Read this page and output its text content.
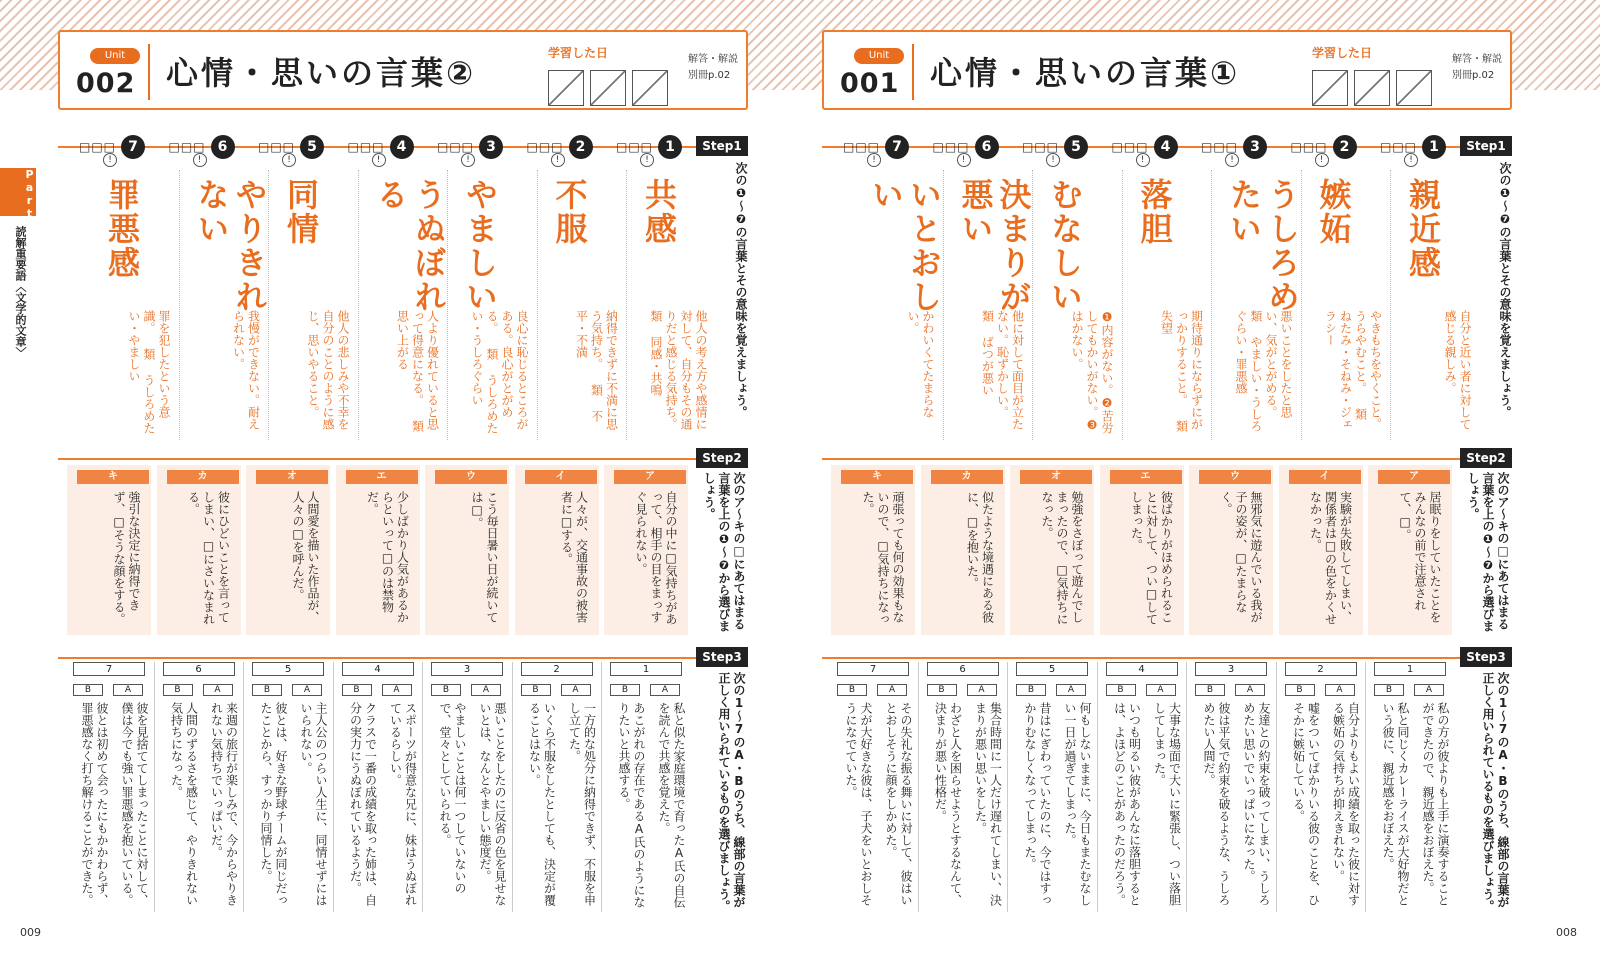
Part1
読解重要語〈文学的文章〉
Unit
002 心情・思いの言葉②
学習した日	解答・解説
別冊p.02
Step1
次の❶〜❼の言葉とその意味を覚えましょう。
□□□ 1
!
共感
他人の考え方や感情に対して、自分もその通りだと感じる気持ち。 類 同感・共鳴
□□□ 2
!
不服
納得できずに不満に思う気持ち。 類 不平・不満
□□□ 3
!
やましい
良心に恥じるところがある。良心がとがめる。 類 うしろめたい・うしろぐらい
□□□ 4
!
うぬぼれる
人より優れていると思って得意になる。 類 思い上がる
□□□ 5
!
同情
他人の悲しみや不幸を自分のことのように感じ、思いやること。
□□□ 6
!
やりきれない
我慢ができない。耐えられない。
□□□ 7
!
罪悪感
罪を犯したという意識。 類 うしろめたい・やましい
Step2
次のア〜キの□にあてはまる言葉を上の❶〜❼から選びましょう。
ア
自分の中に□気持ちがあって、相手の目をまっすぐ見られない。
イ
人々が、交通事故の被害者に□する。
ウ
こう毎日暑い日が続いては□。
エ
少しばかり人気があるからといって□のは禁物だ。
オ
人間愛を描いた作品が、人々の□を呼んだ。
カ
彼にひどいことを言ってしまい、□にさいなまれる。
キ
強引な決定に納得できず、□そうな顔をする。
Step3
次の1〜7のA・Bのうち、線部の言葉が正しく用いられているものを選びましょう。
1
B	A
私と似た家庭環境で育ったA氏の自伝を読んで共感を覚えた。
あこがれの存在であるA氏のようになりたいと共感する。
2
B	A
一方的な処分に納得できず、不服を申し立てた。
いくら不服をしたとしても、決定が覆ることはない。
3
B	A
悪いことをしたのに反省の色を見せないとは、なんとやましい態度だ。
やましいことは何一つしていないので、堂々としていられる。
4
B	A
スポーツが得意な兄に、妹はうぬぼれているらしい。
クラスで一番の成績を取った姉は、自分の実力にうぬぼれているようだ。
5
B	A
主人公のつらい人生に、同情せずにはいられない。
彼とは、好きな野球チームが同じだったことから、すっかり同情した。
6
B	A
来週の旅行が楽しみで、今からやりきれない気持ちでいっぱいだ。
人間のずるさを感じて、やりきれない気持ちになった。
7
B	A
彼を見捨ててしまったことに対して、僕は今でも強い罪悪感を抱いている。
彼とは初めて会ったにもかかわらず、罪悪感なく打ち解けることができた。
Unit
001 心情・思いの言葉①
学習した日	解答・解説
別冊p.02
Step1
次の❶〜❼の言葉とその意味を覚えましょう。
□□□ 1
!
親近感
自分と近い者に対して感じる親しみ。
□□□ 2
!
嫉妬
やきもちをやくこと。うらやむこと。 類 ねたみ・そねみ・ジェラシー
□□□ 3
!
うしろめたい
悪いことをしたと思い、気がとがめる。 類 やましい・うしろぐらい・罪悪感
□□□ 4
!
落胆
期待通りにならずにがっかりすること。 類 失望
□□□ 5
!
むなしい
❶内容がない。❷苦労してもかいがない。❸はかない。
□□□ 6
!
決まりが悪い
他に対して面目が立たない。恥ずかしい。 類 ばつが悪い
□□□ 7
!
いとおしい
かわいくてたまらない。
Step2
次のア〜キの□にあてはまる言葉を上の❶〜❼から選びましょう。
ア
居眠りをしていたことをみんなの前で注意されて、□。
イ
実験が失敗してしまい、関係者は□の色をかくせなかった。
ウ
無邪気に遊んでいる我が子の姿が、□たまらなく。
エ
彼ばかりがほめられることに対して、つい□してしまった。
オ
勉強をさぼって遊んでしまったので、□気持ちになった。
カ
似たような境遇にある彼に、□を抱いた。
キ
頑張っても何の効果もないので、□気持ちになった。
Step3
次の1〜7のA・Bのうち、線部の言葉が正しく用いられているものを選びましょう。
1
B	A
私の方が彼よりも上手に演奏することができたので、親近感をおぼえた。
私と同じくカレーライスが大好物だという彼に、親近感をおぼえた。
2
B	A
自分よりもよい成績を取った彼に対する嫉妬の気持ちが抑えきれない。
嘘をついてばかりいる彼のことを、ひそかに嫉妬している。
3
B	A
友達との約束を破ってしまい、うしろめたい思いでいっぱいになった。
彼は平気で約束を破るような、うしろめたい人間だ。
4
B	A
大事な場面で大いに緊張し、つい落胆してしまった。
いつも明るい彼があんなに落胆するとは、よほどのことがあったのだろう。
5
B	A
何もしないままに、今日もまたむなしい一日が過ぎてしまった。
昔はにぎわっていたのに、今ではすっかりむなしくなってしまった。
6
B	A
集合時間に一人だけ遅れてしまい、決まりが悪い思いをした。
わざと人を困らせようとするなんて、決まりが悪い性格だ。
7
B	A
その失礼な振る舞いに対して、彼はいとおしそうに顔をしかめた。
犬が大好きな彼は、子犬をいとおしそうになでていた。
009	008
